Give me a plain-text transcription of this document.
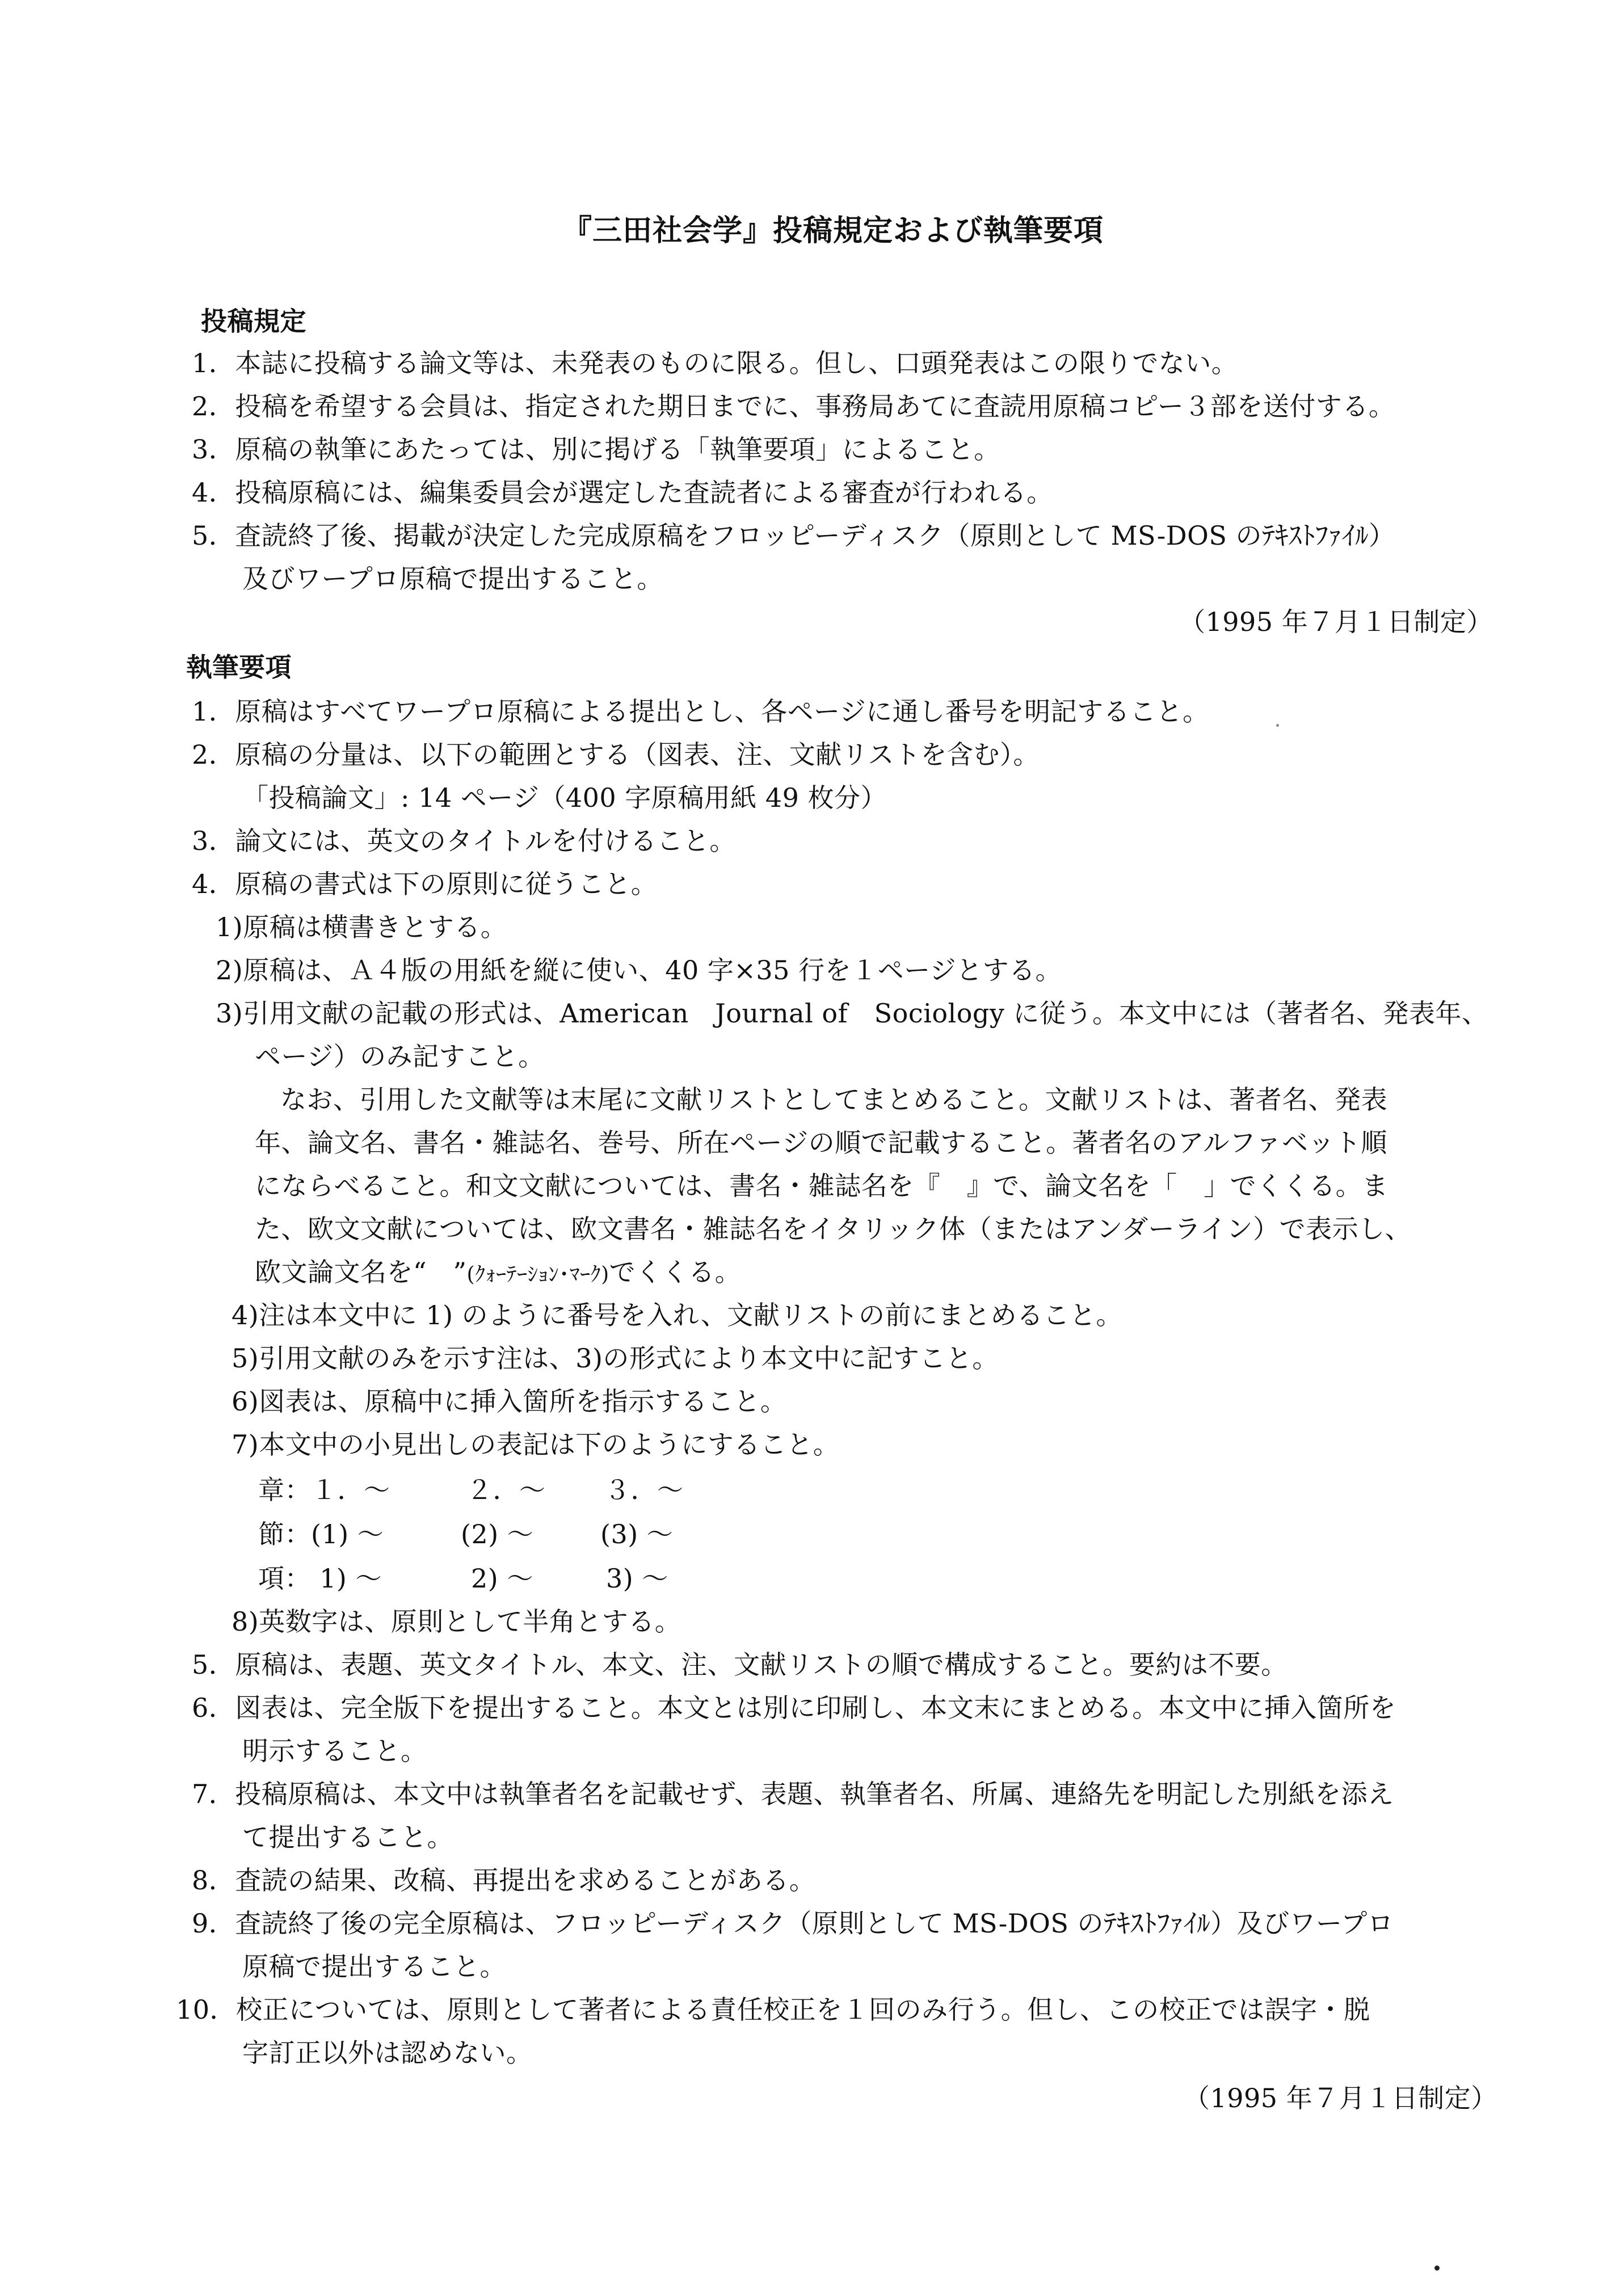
『三田社会学』投稿規定および執筆要項
投稿規定
1．本誌に投稿する論文等は、未発表のものに限る。但し、口頭発表はこの限りでない。
2．投稿を希望する会員は、指定された期日までに、事務局あてに査読用原稿コピー３部を送付する。
3．原稿の執筆にあたっては、別に掲げる「執筆要項」によること。
4．投稿原稿には、編集委員会が選定した査読者による審査が行われる。
5．査読終了後、掲載が決定した完成原稿をフロッピーディスク（原則として MS-DOS のﾃｷｽﾄﾌｧｲﾙ）
及びワープロ原稿で提出すること。
（1995 年７月１日制定）
執筆要項
1．原稿はすべてワープロ原稿による提出とし、各ページに通し番号を明記すること。
2．原稿の分量は、以下の範囲とする（図表、注、文献リストを含む）。
「投稿論文」: 14 ページ（400 字原稿用紙 49 枚分）
3．論文には、英文のタイトルを付けること。
4．原稿の書式は下の原則に従うこと。
1)原稿は横書きとする。
2)原稿は、Ａ４版の用紙を縦に使い、40 字×35 行を１ページとする。
3)引用文献の記載の形式は、American　Journal of　Sociology に従う。本文中には（著者名、発表年、
ページ）のみ記すこと。
なお、引用した文献等は末尾に文献リストとしてまとめること。文献リストは、著者名、発表
年、論文名、書名・雑誌名、巻号、所在ページの順で記載すること。著者名のアルファベット順
にならべること。和文文献については、書名・雑誌名を『　』で、論文名を「　」でくくる。ま
た、欧文文献については、欧文書名・雑誌名をイタリック体（またはアンダーライン）で表示し、
欧文論文名を“　”(ｸｫｰﾃｰｼｮﾝ･ﾏｰｸ)でくくる。
4)注は本文中に 1) のように番号を入れ、文献リストの前にまとめること。
5)引用文献のみを示す注は、3)の形式により本文中に記すこと。
6)図表は、原稿中に挿入箇所を指示すること。
7)本文中の小見出しの表記は下のようにすること。
章：１．～	２．～ ３．～
節：(1) ～	(2) ～	(3) ～
項： 1) ～	2) ～	3) ～
8)英数字は、原則として半角とする。
5．原稿は、表題、英文タイトル、本文、注、文献リストの順で構成すること。要約は不要。
6．図表は、完全版下を提出すること。本文とは別に印刷し、本文末にまとめる。本文中に挿入箇所を
明示すること。
7．投稿原稿は、本文中は執筆者名を記載せず、表題、執筆者名、所属、連絡先を明記した別紙を添え
て提出すること。
8．査読の結果、改稿、再提出を求めることがある。
9．査読終了後の完全原稿は、フロッピーディスク（原則として MS-DOS のﾃｷｽﾄﾌｧｲﾙ）及びワープロ
原稿で提出すること。
10．校正については、原則として著者による責任校正を１回のみ行う。但し、この校正では誤字・脱
字訂正以外は認めない。
（1995 年７月１日制定）
